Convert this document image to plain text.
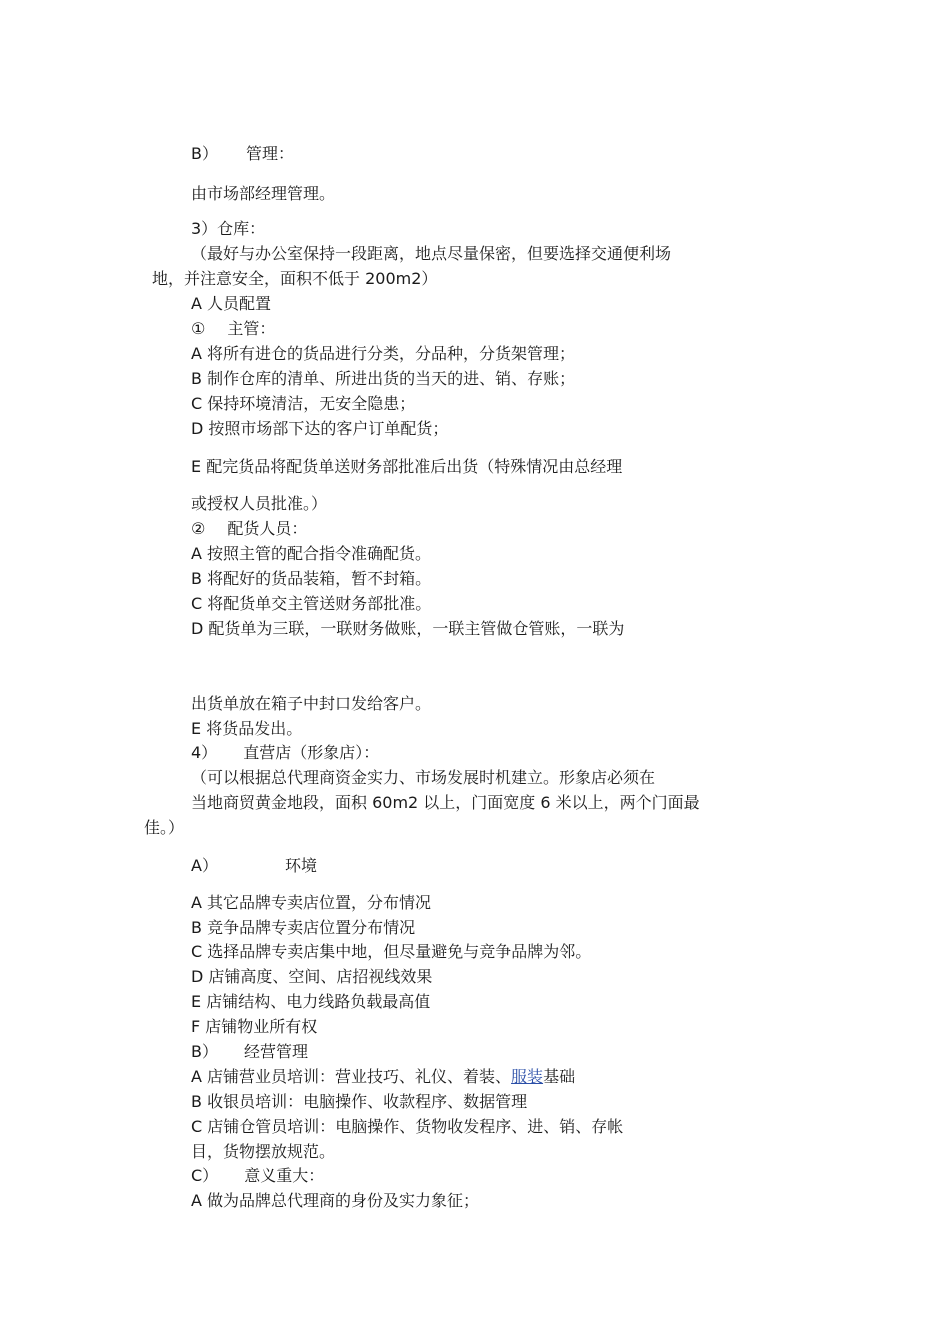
B） 管理：

由市场部经理管理。

3）仓库：

（最好与办公室保持一段距离，地点尽量保密，但要选择交通便利场

地，并注意安全，面积不低于 200m2）

A 人员配置

① 主管：

A 将所有进仓的货品进行分类，分品种，分货架管理；

B 制作仓库的清单、所进出货的当天的进、销、存账；

C 保持环境清洁，无安全隐患；

D 按照市场部下达的客户订单配货；

E 配完货品将配货单送财务部批准后出货（特殊情况由总经理

或授权人员批准。）

② 配货人员：

A 按照主管的配合指令准确配货。

B 将配好的货品装箱，暂不封箱。

C 将配货单交主管送财务部批准。

D 配货单为三联，一联财务做账，一联主管做仓管账，一联为

出货单放在箱子中封口发给客户。

E 将货品发出。

4） 直营店（形象店）：

（可以根据总代理商资金实力、市场发展时机建立。形象店必须在

当地商贸黄金地段，面积 60m2 以上，门面宽度 6 米以上，两个门面最

佳。）

A）	环境

A 其它品牌专卖店位置，分布情况

B 竞争品牌专卖店位置分布情况

C 选择品牌专卖店集中地，但尽量避免与竞争品牌为邻。

D 店铺高度、空间、店招视线效果

E 店铺结构、电力线路负载最高值

F 店铺物业所有权

B） 经营管理

A 店铺营业员培训：营业技巧、礼仪、着装、服装基础

B 收银员培训：电脑操作、收款程序、数据管理

C 店铺仓管员培训：电脑操作、货物收发程序、进、销、存帐

目，货物摆放规范。

C） 意义重大：

A 做为品牌总代理商的身份及实力象征；
